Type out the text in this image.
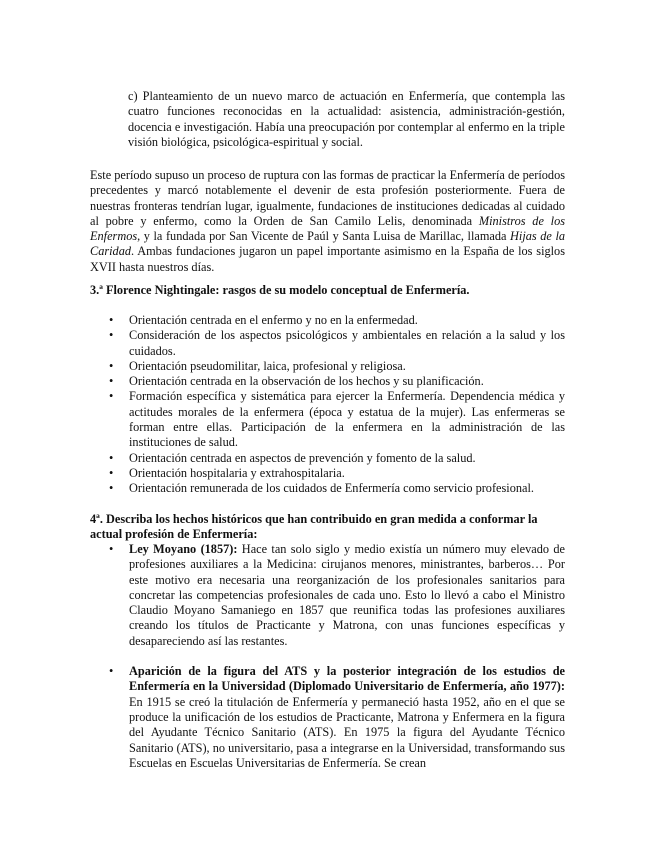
c) Planteamiento de un nuevo marco de actuación en Enfermería, que contempla las cuatro funciones reconocidas en la actualidad: asistencia, administración-gestión, docencia e investigación. Había una preocupación por contemplar al enfermo en la triple visión biológica, psicológica-espiritual y social.

Este período supuso un proceso de ruptura con las formas de practicar la Enfermería de períodos precedentes y marcó notablemente el devenir de esta profesión posteriormente. Fuera de nuestras fronteras tendrían lugar, igualmente, fundaciones de instituciones dedicadas al cuidado al pobre y enfermo, como la Orden de San Camilo Lelis, denominada Ministros de los Enfermos, y la fundada por San Vicente de Paúl y Santa Luisa de Marillac, llamada Hijas de la Caridad. Ambas fundaciones jugaron un papel importante asimismo en la España de los siglos XVII hasta nuestros días.

3.ª Florence Nightingale: rasgos de su modelo conceptual de Enfermería.
•	Orientación centrada en el enfermo y no en la enfermedad.
•	Consideración de los aspectos psicológicos y ambientales en relación a la salud y los cuidados.
•	Orientación pseudomilitar, laica, profesional y religiosa.
•	Orientación centrada en la observación de los hechos y su planificación.
•	Formación específica y sistemática para ejercer la Enfermería. Dependencia médica y actitudes morales de la enfermera (época y estatua de la mujer). Las enfermeras se forman entre ellas. Participación de la enfermera en la administración de las instituciones de salud.
•	Orientación centrada en aspectos de prevención y fomento de la salud.
•	Orientación hospitalaria y extrahospitalaria.
•	Orientación remunerada de los cuidados de Enfermería como servicio profesional.
4ª. Describa los hechos históricos que han contribuido en gran medida a conformar la actual profesión de Enfermería:
•	Ley Moyano (1857): Hace tan solo siglo y medio existía un número muy elevado de profesiones auxiliares a la Medicina: cirujanos menores, ministrantes, barberos… Por este motivo era necesaria una reorganización de los profesionales sanitarios para concretar las competencias profesionales de cada uno. Esto lo llevó a cabo el Ministro Claudio Moyano Samaniego en 1857 que reunifica todas las profesiones auxiliares creando los títulos de Practicante y Matrona, con unas funciones específicas y desapareciendo así las restantes.
•	Aparición de la figura del ATS y la posterior integración de los estudios de Enfermería en la Universidad (Diplomado Universitario de Enfermería, año 1977): En 1915 se creó la titulación de Enfermería y permaneció hasta 1952, año en el que se produce la unificación de los estudios de Practicante, Matrona y Enfermera en la figura del Ayudante Técnico Sanitario (ATS). En 1975 la figura del Ayudante Técnico Sanitario (ATS), no universitario, pasa a integrarse en la Universidad, transformando sus Escuelas en Escuelas Universitarias de Enfermería. Se crean
